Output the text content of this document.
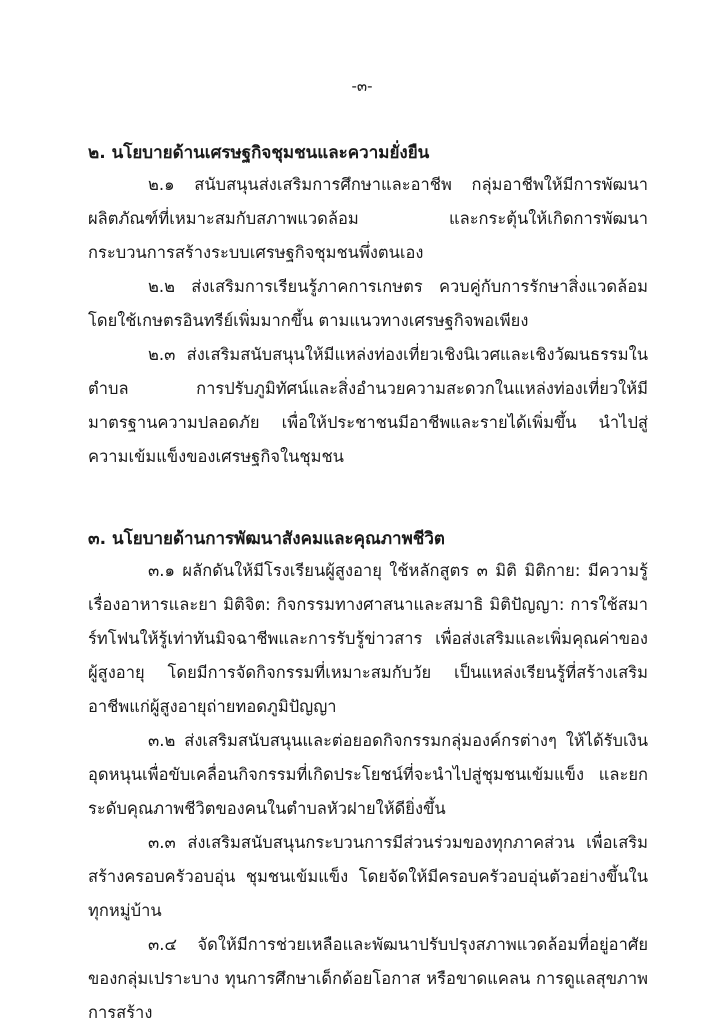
-๓-

๒. นโยบายด้านเศรษฐกิจชุมชนและความยั่งยืน

๒.๑ สนับสนุนส่งเสริมการศึกษาและอาชีพ กลุ่มอาชีพให้มีการพัฒนาผลิตภัณฑ์ที่เหมาะสมกับสภาพแวดล้อม และกระตุ้นให้เกิดการพัฒนากระบวนการสร้างระบบเศรษฐกิจชุมชนพึ่งตนเอง

๒.๒ ส่งเสริมการเรียนรู้ภาคการเกษตร ควบคู่กับการรักษาสิ่งแวดล้อม โดยใช้เกษตรอินทรีย์เพิ่มมากขึ้น ตามแนวทางเศรษฐกิจพอเพียง

๒.๓ ส่งเสริมสนับสนุนให้มีแหล่งท่องเที่ยวเชิงนิเวศและเชิงวัฒนธรรมในตำบล การปรับภูมิทัศน์และสิ่งอำนวยความสะดวกในแหล่งท่องเที่ยวให้มีมาตรฐานความปลอดภัย เพื่อให้ประชาชนมีอาชีพและรายได้เพิ่มขึ้น นำไปสู่ความเข้มแข็งของเศรษฐกิจในชุมชน

๓. นโยบายด้านการพัฒนาสังคมและคุณภาพชีวิต

๓.๑ ผลักดันให้มีโรงเรียนผู้สูงอายุ ใช้หลักสูตร ๓ มิติ มิติกาย: มีความรู้เรื่องอาหารและยา มิติจิต: กิจกรรมทางศาสนาและสมาธิ มิติปัญญา: การใช้สมาร์ทโฟนให้รู้เท่าทันมิจฉาชีพและการรับรู้ข่าวสาร เพื่อส่งเสริมและเพิ่มคุณค่าของผู้สูงอายุ โดยมีการจัดกิจกรรมที่เหมาะสมกับวัย เป็นแหล่งเรียนรู้ที่สร้างเสริมอาชีพแก่ผู้สูงอายุถ่ายทอดภูมิปัญญา

๓.๒ ส่งเสริมสนับสนุนและต่อยอดกิจกรรมกลุ่มองค์กรต่างๆ ให้ได้รับเงินอุดหนุนเพื่อขับเคลื่อนกิจกรรมที่เกิดประโยชน์ที่จะนำไปสู่ชุมชนเข้มแข็ง และยกระดับคุณภาพชีวิตของคนในตำบลหัวฝายให้ดียิ่งขึ้น

๓.๓ ส่งเสริมสนับสนุนกระบวนการมีส่วนร่วมของทุกภาคส่วน เพื่อเสริมสร้างครอบครัวอบอุ่น ชุมชนเข้มแข็ง โดยจัดให้มีครอบครัวอบอุ่นตัวอย่างขึ้นในทุกหมู่บ้าน

๓.๔ จัดให้มีการช่วยเหลือและพัฒนาปรับปรุงสภาพแวดล้อมที่อยู่อาศัยของกลุ่มเปราะบาง ทุนการศึกษาเด็กด้อยโอกาส หรือขาดแคลน การดูแลสุขภาพ การสร้าง
